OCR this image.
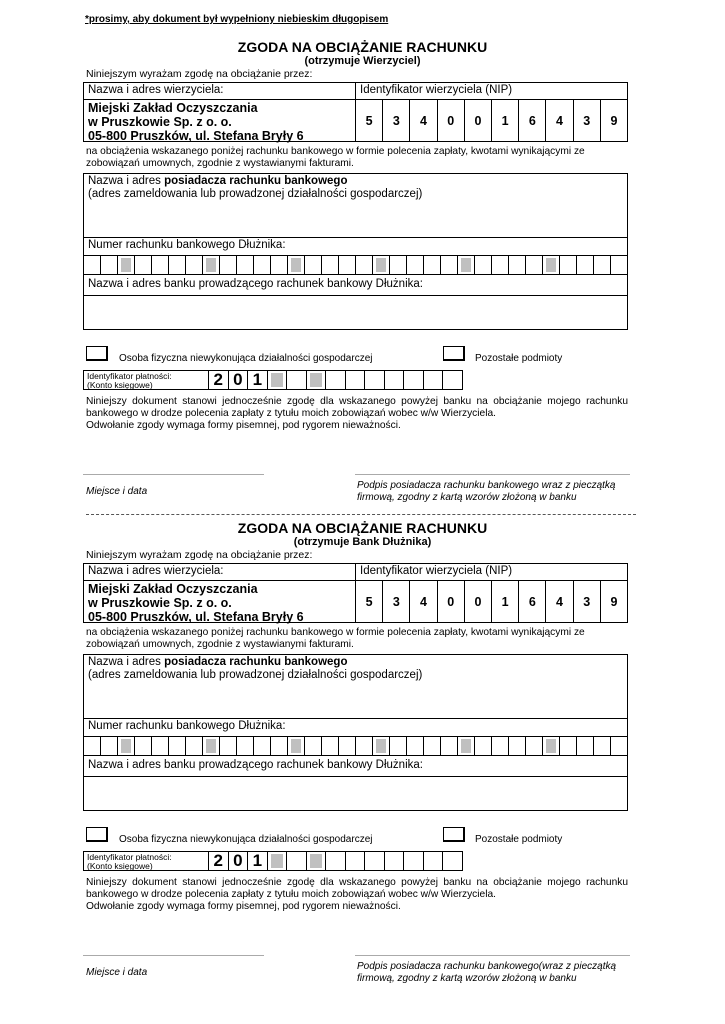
*prosimy, aby dokument był wypełniony niebieskim długopisem
ZGODA NA OBCIĄŻANIE RACHUNKU
(otrzymuje Wierzyciel)
Niniejszym wyrażam zgodę na obciążanie przez:
Nazwa i adres wierzyciela:	Identyfikator wierzyciela (NIP)
Miejski Zakład Oczyszczania
w Pruszkowie Sp. z o. o.
05-800 Pruszków, ul. Stefana Bryły 6
5	3	4	0	0	1	6	4	3	9
na obciążenia wskazanego poniżej rachunku bankowego w formie polecenia zapłaty, kwotami wynikającymi ze zobowiązań umownych, zgodnie z wystawianymi fakturami.
Nazwa i adres posiadacza rachunku bankowego
(adres zameldowania lub prowadzonej działalności gospodarczej)
Numer rachunku bankowego Dłużnika:
Nazwa i adres banku prowadzącego rachunek bankowy Dłużnika:
Osoba fizyczna niewykonująca działalności gospodarczej	Pozostałe podmioty
Identyfikator płatności:
(Konto księgowe)	2 0 1
Niniejszy dokument stanowi jednocześnie zgodę dla wskazanego powyżej banku na obciążanie mojego rachunku bankowego w drodze polecenia zapłaty z tytułu moich zobowiązań wobec w/w Wierzyciela.
Odwołanie zgody wymaga formy pisemnej, pod rygorem nieważności.
Miejsce i data
Podpis posiadacza rachunku bankowego wraz z pieczątką firmową, zgodny z kartą wzorów złożoną w banku
ZGODA NA OBCIĄŻANIE RACHUNKU
(otrzymuje Bank Dłużnika)
Niniejszym wyrażam zgodę na obciążanie przez:
Nazwa i adres wierzyciela:	Identyfikator wierzyciela (NIP)
Miejski Zakład Oczyszczania
w Pruszkowie Sp. z o. o.
05-800 Pruszków, ul. Stefana Bryły 6
5	3	4	0	0	1	6	4	3	9
na obciążenia wskazanego poniżej rachunku bankowego w formie polecenia zapłaty, kwotami wynikającymi ze zobowiązań umownych, zgodnie z wystawianymi fakturami.
Nazwa i adres posiadacza rachunku bankowego
(adres zameldowania lub prowadzonej działalności gospodarczej)
Numer rachunku bankowego Dłużnika:
Nazwa i adres banku prowadzącego rachunek bankowy Dłużnika:
Osoba fizyczna niewykonująca działalności gospodarczej	Pozostałe podmioty
Identyfikator płatności:
(Konto księgowe)	2 0 1
Niniejszy dokument stanowi jednocześnie zgodę dla wskazanego powyżej banku na obciążanie mojego rachunku bankowego w drodze polecenia zapłaty z tytułu moich zobowiązań wobec w/w Wierzyciela.
Odwołanie zgody wymaga formy pisemnej, pod rygorem nieważności.
Miejsce i data
Podpis posiadacza rachunku bankowego(wraz z pieczątką firmową, zgodny z kartą wzorów złożoną w banku
